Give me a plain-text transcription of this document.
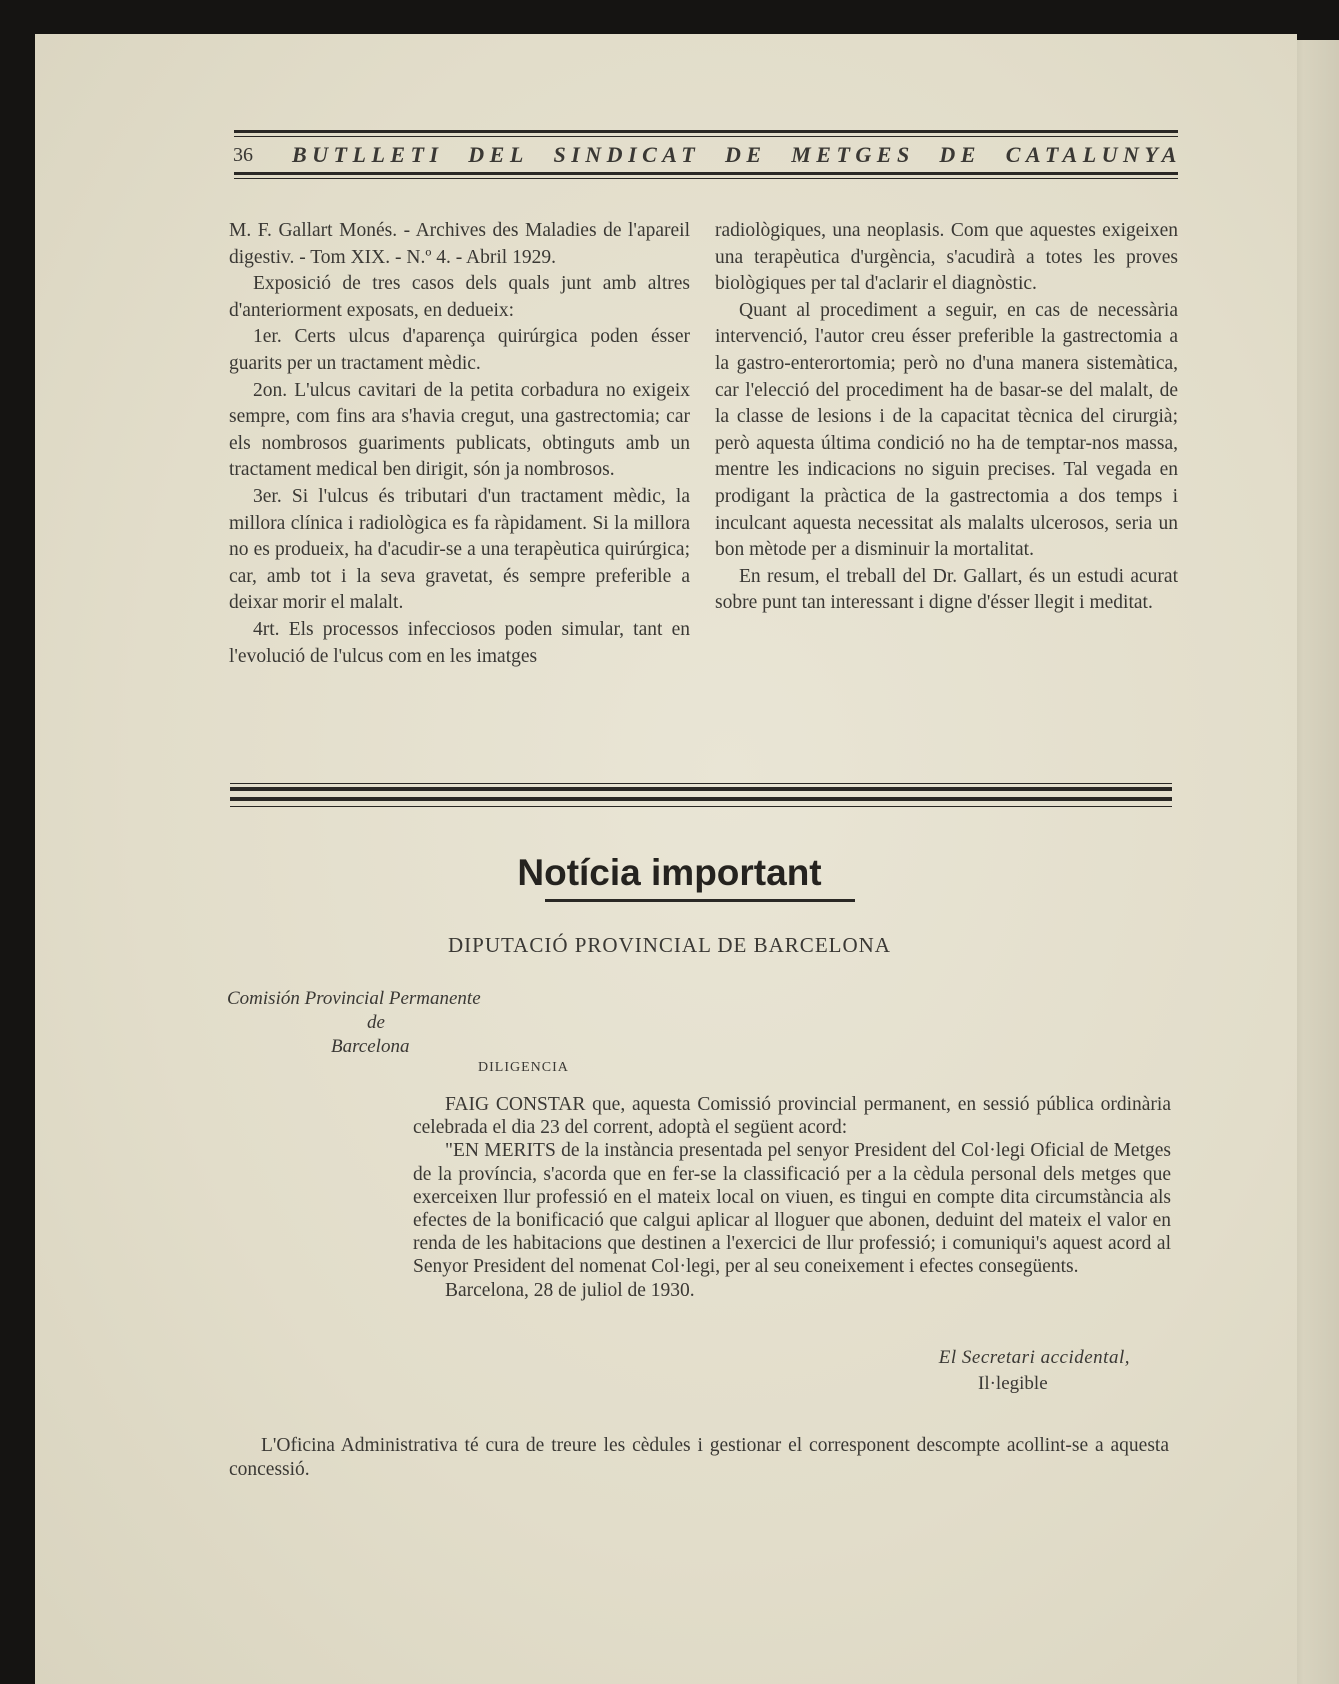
36 BUTLLETI DEL SINDICAT DE METGES DE CATALUNYA

M. F. Gallart Monés. - Archives des Maladies de l'apareil digestiv. - Tom XIX. - N.º 4. - Abril 1929.

Exposició de tres casos dels quals junt amb altres d'anteriorment exposats, en dedueix:

1er. Certs ulcus d'aparença quirúrgica poden ésser guarits per un tractament mèdic.

2on. L'ulcus cavitari de la petita corbadura no exigeix sempre, com fins ara s'havia cregut, una gastrectomia; car els nombrosos guariments publicats, obtinguts amb un tractament medical ben dirigit, són ja nombrosos.

3er. Si l'ulcus és tributari d'un tractament mèdic, la millora clínica i radiològica es fa ràpidament. Si la millora no es produeix, ha d'acudir-se a una terapèutica quirúrgica; car, amb tot i la seva gravetat, és sempre preferible a deixar morir el malalt.

4rt. Els processos infecciosos poden simular, tant en l'evolució de l'ulcus com en les imatges

radiològiques, una neoplasis. Com que aquestes exigeixen una terapèutica d'urgència, s'acudirà a totes les proves biològiques per tal d'aclarir el diagnòstic.

Quant al procediment a seguir, en cas de necessària intervenció, l'autor creu ésser preferible la gastrectomia a la gastro-enterortomia; però no d'una manera sistemàtica, car l'elecció del procediment ha de basar-se del malalt, de la classe de lesions i de la capacitat tècnica del cirurgià; però aquesta última condició no ha de temptar-nos massa, mentre les indicacions no siguin precises. Tal vegada en prodigant la pràctica de la gastrectomia a dos temps i inculcant aquesta necessitat als malalts ulcerosos, seria un bon mètode per a disminuir la mortalitat.

En resum, el treball del Dr. Gallart, és un estudi acurat sobre punt tan interessant i digne d'ésser llegit i meditat.

Notícia important
DIPUTACIÓ PROVINCIAL DE BARCELONA
Comisión Provincial Permanente
de
Barcelona
DILIGENCIA

FAIG CONSTAR que, aquesta Comissió provincial permanent, en sessió pública ordinària celebrada el dia 23 del corrent, adoptà el següent acord:

"EN MERITS de la instància presentada pel senyor President del Col·legi Oficial de Metges de la província, s'acorda que en fer-se la classificació per a la cèdula personal dels metges que exerceixen llur professió en el mateix local on viuen, es tingui en compte dita circumstància als efectes de la bonificació que calgui aplicar al lloguer que abonen, deduint del mateix el valor en renda de les habitacions que destinen a l'exercici de llur professió; i comuniqui's aquest acord al Senyor President del nomenat Col·legi, per al seu coneixement i efectes consegüents.

Barcelona, 28 de juliol de 1930.

El Secretari accidental,
Il·legible
L'Oficina Administrativa té cura de treure les cèdules i gestionar el corresponent descompte acollint-se a aquesta concessió.
